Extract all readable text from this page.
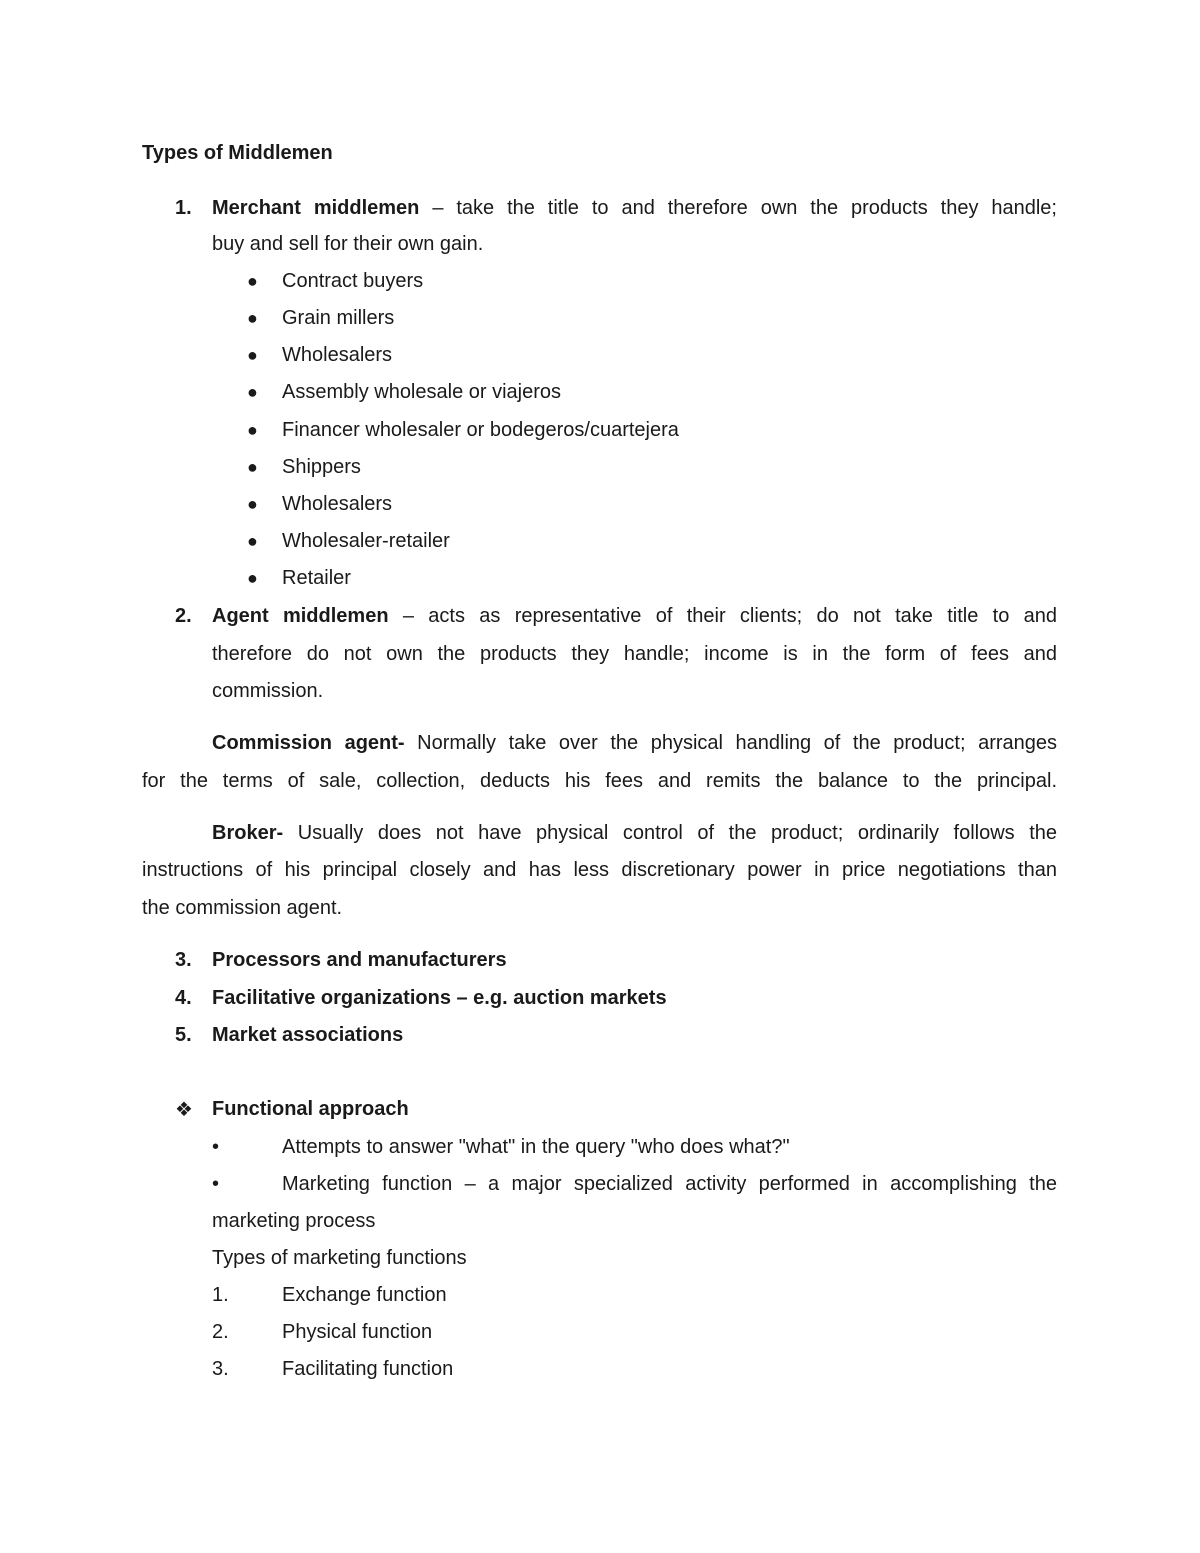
Types of Middlemen
1. Merchant middlemen – take the title to and therefore own the products they handle;
buy and sell for their own gain.
● Contract buyers
● Grain millers
● Wholesalers
● Assembly wholesale or viajeros
● Financer wholesaler or bodegeros/cuartejera
● Shippers
● Wholesalers
● Wholesaler-retailer
● Retailer
2. Agent middlemen – acts as representative of their clients; do not take title to and
therefore do not own the products they handle; income is in the form of fees and
commission.
Commission agent- Normally take over the physical handling of the product; arranges
for the terms of sale, collection, deducts his fees and remits the balance to the principal.
Broker- Usually does not have physical control of the product; ordinarily follows the
instructions of his principal closely and has less discretionary power in price negotiations than
the commission agent.
3. Processors and manufacturers
4. Facilitative organizations – e.g. auction markets
5. Market associations
❖ Functional approach
•	Attempts to answer "what" in the query "who does what?"
•	Marketing function – a major specialized activity performed in accomplishing the
marketing process
Types of marketing functions
1.	Exchange function
2.	Physical function
3.	Facilitating function
